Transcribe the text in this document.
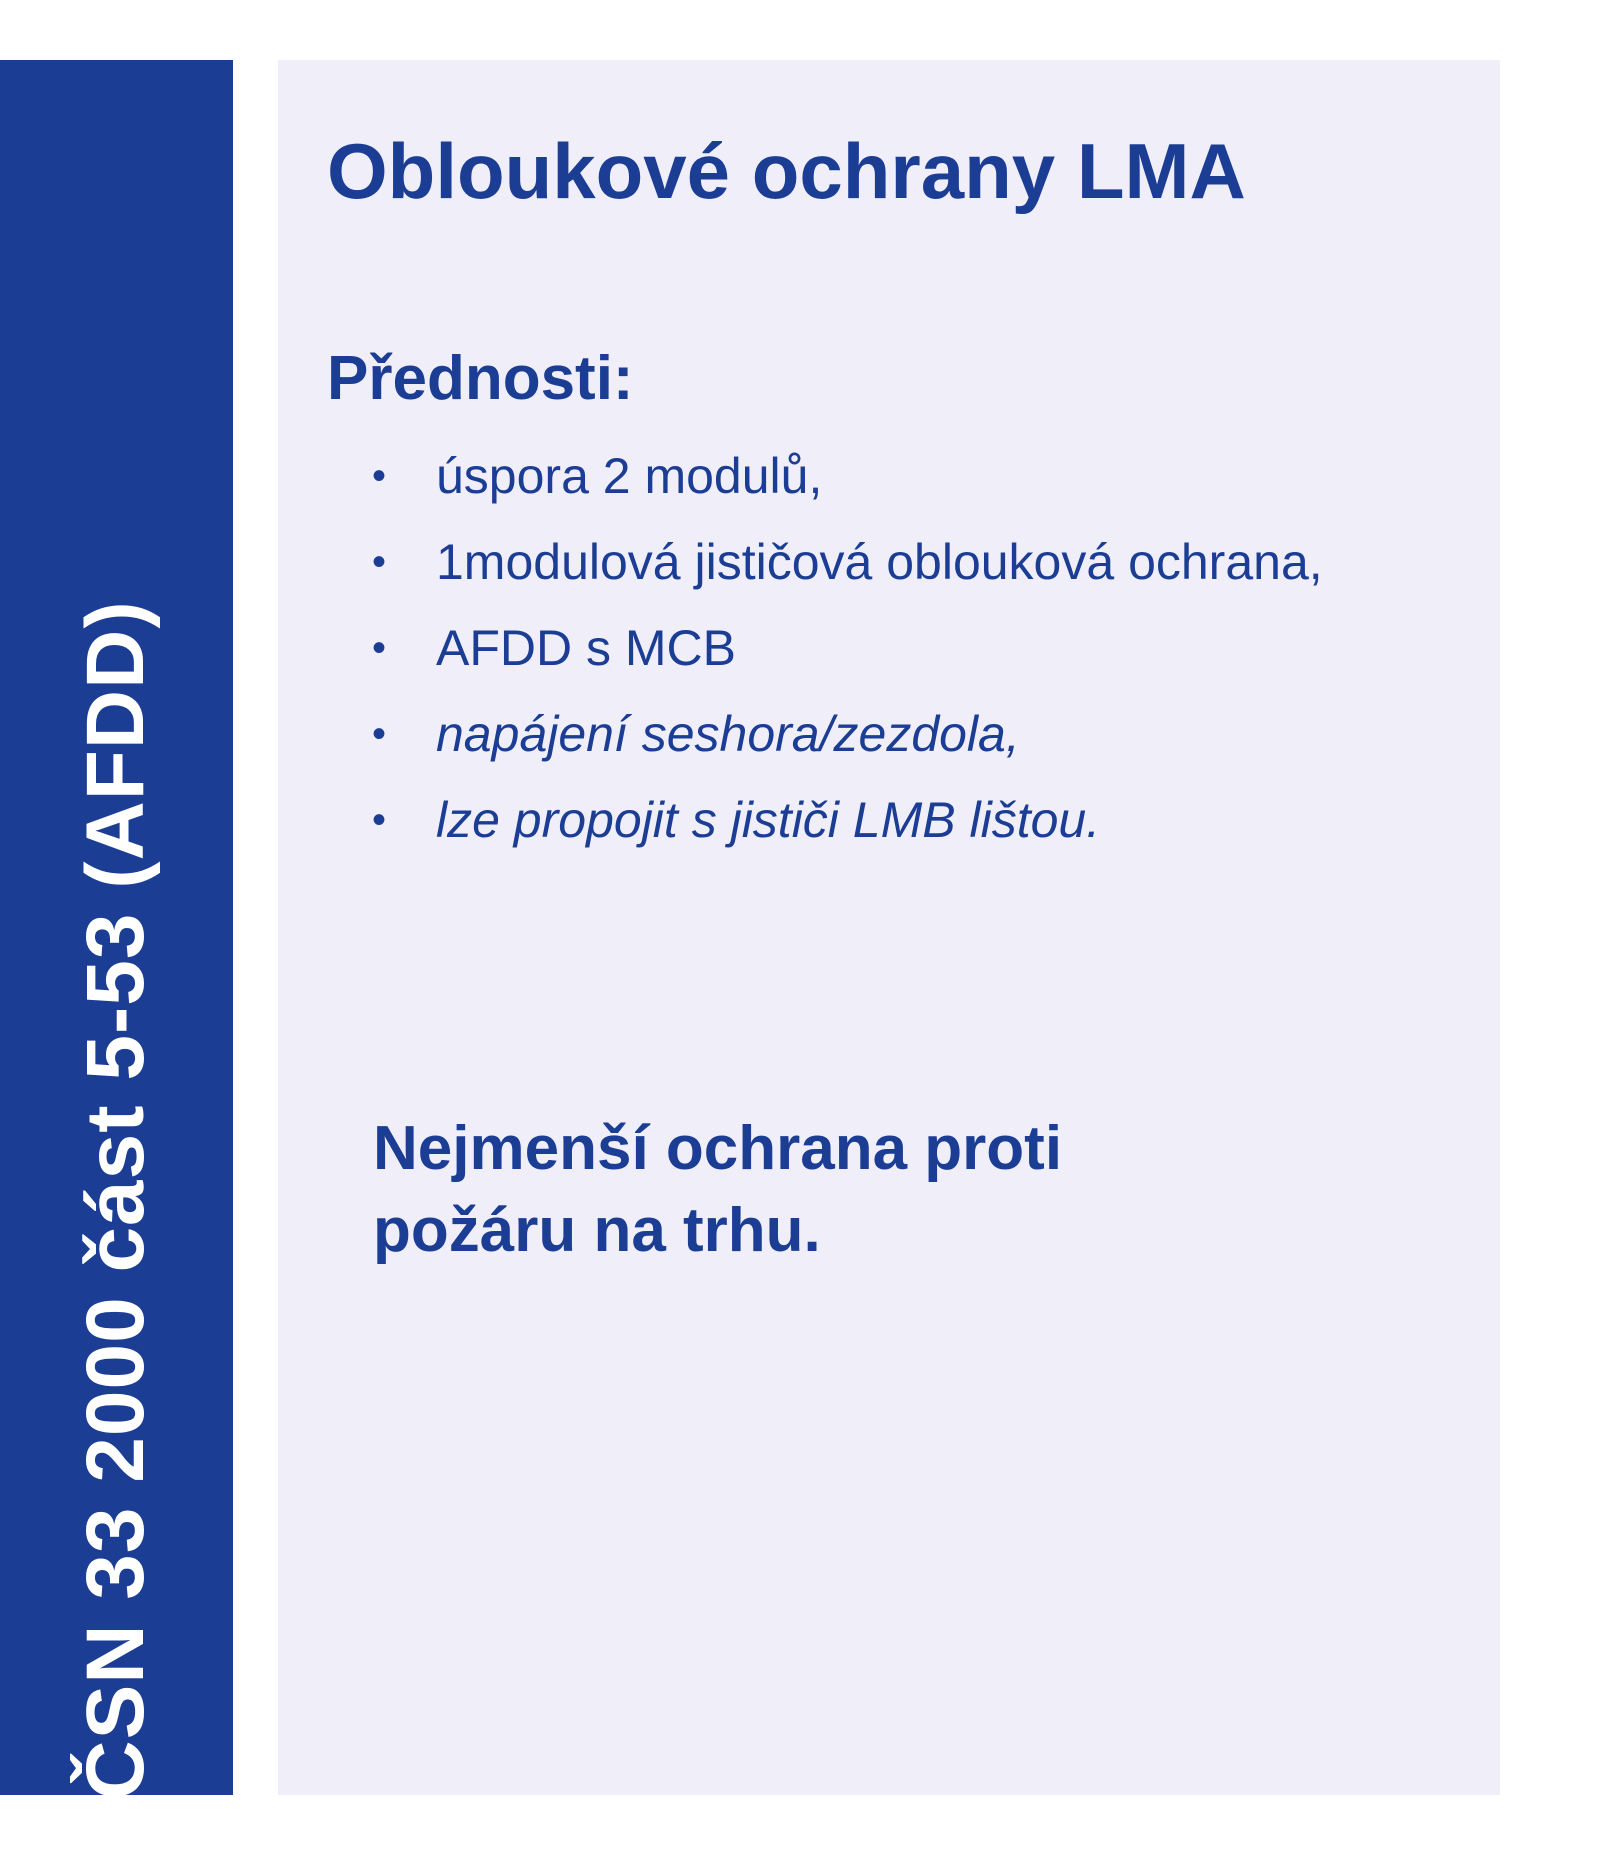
ČSN 33 2000 část 5-53 (AFDD)
Obloukové ochrany LMA
Přednosti:
• úspora 2 modulů,
• 1modulová jističová oblouková ochrana,
• AFDD s MCB
• napájení seshora/zezdola,
• lze propojit s jističi LMB lištou.

Nejmenší ochrana proti požáru na trhu.
